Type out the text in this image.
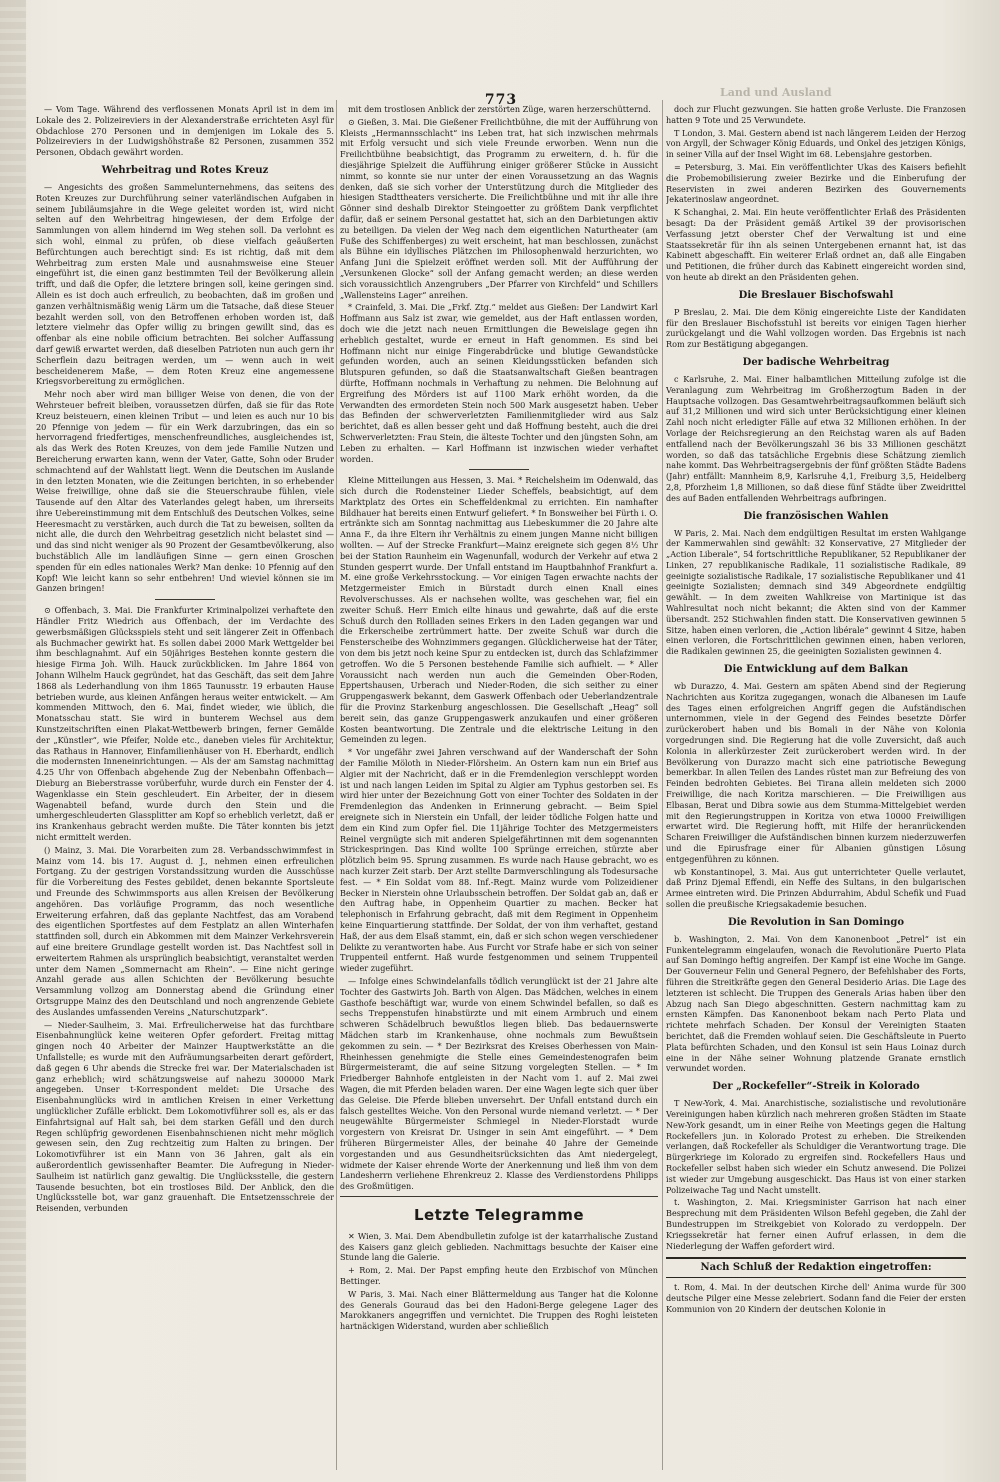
Land und Ausland
773

— Vom Tage. Während des verflossenen Monats April ist in dem im Lokale des 2. Polizeireviers in der Alexanderstraße errichteten Asyl für Obdachlose 270 Personen und in demjenigen im Lokale des 5. Polizeireviers in der Ludwigshöhstraße 82 Personen, zusammen 352 Personen, Obdach gewährt worden.

Wehrbeitrag und Rotes Kreuz

— Angesichts des großen Sammelunternehmens, das seitens des Roten Kreuzes zur Durchführung seiner vaterländischen Aufgaben in seinem Jubiläumsjahre in die Wege geleitet worden ist, wird nicht selten auf den Wehrbeitrag hingewiesen, der dem Erfolge der Sammlungen von allem hindernd im Weg stehen soll. Da verlohnt es sich wohl, einmal zu prüfen, ob diese vielfach geäußerten Befürchtungen auch berechtigt sind: Es ist richtig, daß mit dem Wehrbeitrag zum ersten Male und ausnahmsweise eine Steuer eingeführt ist, die einen ganz bestimmten Teil der Bevölkerung allein trifft, und daß die Opfer, die letztere bringen soll, keine geringen sind. Allein es ist doch auch erfreulich, zu beobachten, daß im großen und ganzen verhältnismäßig wenig Lärm um die Tatsache, daß diese Steuer bezahlt werden soll, von den Betroffenen erhoben worden ist, daß letztere vielmehr das Opfer willig zu bringen gewillt sind, das es offenbar als eine nobile officium betrachten. Bei solcher Auffassung darf gewiß erwartet werden, daß dieselben Patrioten nun auch gern ihr Scherflein dazu beitragen werden, um — wenn auch in weit bescheidenerem Maße, — dem Roten Kreuz eine angemessene Kriegsvorbereitung zu ermöglichen.

Mehr noch aber wird man billiger Weise von denen, die von der Wehrsteuer befreit bleiben, voraussetzen dürfen, daß sie für das Rote Kreuz beisteuern, einen kleinen Tribut — und leien es auch nur 10 bis 20 Pfennige von jedem — für ein Werk darzubringen, das ein so hervorragend friedfertiges, menschenfreundliches, ausgleichendes ist, als das Werk des Roten Kreuzes, von dem jede Familie Nutzen und Bereicherung erwarten kann, wenn der Vater, Gatte, Sohn oder Bruder schmachtend auf der Wahlstatt liegt. Wenn die Deutschen im Auslande in den letzten Monaten, wie die Zeitungen berichten, in so erhebender Weise freiwillige, ohne daß sie die Steuerschraube fühlen, viele Tausende auf den Altar des Vaterlandes gelegt haben, um ihrerseits ihre Uebereinstimmung mit dem Entschluß des Deutschen Volkes, seine Heeresmacht zu verstärken, auch durch die Tat zu beweisen, sollten da nicht alle, die durch den Wehrbeitrag gesetzlich nicht belastet sind — und das sind nicht weniger als 90 Prozent der Gesamtbevölkerung, also buchstäblich Alle im landläufigen Sinne — gern einen Groschen spenden für ein edles nationales Werk? Man denke: 10 Pfennig auf den Kopf! Wie leicht kann so sehr entbehren! Und wieviel können sie im Ganzen bringen!

⊙ Offenbach, 3. Mai. Die Frankfurter Kriminalpolizei verhaftete den Händler Fritz Wiedrich aus Offenbach, der im Verdachte des gewerbsmäßigen Glücksspiels steht und seit längerer Zeit in Offenbach als Buchmacher gewirkt hat. Es sollen dabei 2000 Mark Wettgelder bei ihm beschlagnahmt. Auf ein 50jähriges Bestehen konnte gestern die hiesige Firma Joh. Wilh. Hauck zurückblicken. Im Jahre 1864 von Johann Wilhelm Hauck gegründet, hat das Geschäft, das seit dem Jahre 1868 als Lederhandlung von ihm 1865 Taunusstr. 19 erbauten Hause betrieben wurde, aus kleinen Anfängen heraus weiter entwickelt. — Am kommenden Mittwoch, den 6. Mai, findet wieder, wie üblich, die Monatsschau statt. Sie wird in bunterem Wechsel aus dem Kunstzeitschriften einen Plakat-Wettbewerb bringen, ferner Gemälde der „Künstler“, wie Pfeifer, Nolde etc., daneben vieles für Architektur, das Rathaus in Hannover, Einfamilienhäuser von H. Eberhardt, endlich die modernsten Inneneinrichtungen. — Als der am Samstag nachmittag 4.25 Uhr von Offenbach abgehende Zug der Nebenbahn Offenbach—Dieburg an Bieberstrasse vorüberfuhr, wurde durch ein Fenster der 4. Wagenklasse ein Stein geschleudert. Ein Arbeiter, der in diesem Wagenabteil befand, wurde durch den Stein und die umhergeschleuderten Glassplitter am Kopf so erheblich verletzt, daß er ins Krankenhaus gebracht werden mußte. Die Täter konnten bis jetzt nicht ermittelt werden.

() Mainz, 3. Mai. Die Vorarbeiten zum 28. Verbandsschwimmfest in Mainz vom 14. bis 17. August d. J., nehmen einen erfreulichen Fortgang. Zu der gestrigen Vorstandssitzung wurden die Ausschüsse für die Vorbereitung des Festes gebildet, denen bekannte Sportsleute und Freunde des Schwimmsports aus allen Kreisen der Bevölkerung angehören. Das vorläufige Programm, das noch wesentliche Erweiterung erfahren, daß das geplante Nachtfest, das am Vorabend des eigentlichen Sportfestes auf dem Festplatz an allen Winterhafen stattfinden soll, durch ein Abkommen mit dem Mainzer Verkehrsverein auf eine breitere Grundlage gestellt worden ist. Das Nachtfest soll in erweitertem Rahmen als ursprünglich beabsichtigt, veranstaltet werden unter dem Namen „Sommernacht am Rhein“. — Eine nicht geringe Anzahl gerade aus allen Schichten der Bevölkerung besuchte Versammlung vollzog am Donnerstag abend die Gründung einer Ortsgruppe Mainz des den Deutschland und noch angrenzende Gebiete des Auslandes umfassenden Vereins „Naturschutzpark“.

— Nieder-Saulheim, 3. Mai. Erfreulicherweise hat das furchtbare Eisenbahnunglück keine weiteren Opfer gefordert. Freitag mittag gingen noch 40 Arbeiter der Mainzer Hauptwerkstätte an die Unfallstelle; es wurde mit den Aufräumungsarbeiten derart gefördert, daß gegen 6 Uhr abends die Strecke frei war. Der Materialschaden ist ganz erheblich; wird schätzungsweise auf nahezu 300000 Mark angegeben. Unser t-Korrespondent meldet: Die Ursache des Eisenbahnunglücks wird in amtlichen Kreisen in einer Verkettung unglücklicher Zufälle erblickt. Dem Lokomotivführer soll es, als er das Einfahrtsignal auf Halt sah, bei dem starken Gefäll und den durch Regen schlüpfrig gewordenen Eisenbahnschienen nicht mehr möglich gewesen sein, den Zug rechtzeitig zum Halten zu bringen. Der Lokomotivführer ist ein Mann von 36 Jahren, galt als ein außerordentlich gewissenhafter Beamter. Die Aufregung in Nieder-Saulheim ist natürlich ganz gewaltig. Die Unglücksstelle, die gestern Tausende besuchten, bot ein trostloses Bild. Der Anblick, den die Unglücksstelle bot, war ganz grauenhaft. Die Entsetzensschreie der Reisenden, verbunden

mit dem trostlosen Anblick der zerstörten Züge, waren herzerschütternd.

⊙ Gießen, 3. Mai. Die Gießener Freilichtbühne, die mit der Aufführung von Kleists „Hermannsschlacht“ ins Leben trat, hat sich inzwischen mehrmals mit Erfolg versucht und sich viele Freunde erworben. Wenn nun die Freilichtbühne beabsichtigt, das Programm zu erweitern, d. h. für die diesjährige Spielzeit die Aufführung einiger größerer Stücke in Aussicht nimmt, so konnte sie nur unter der einen Voraussetzung an das Wagnis denken, daß sie sich vorher der Unterstützung durch die Mitglieder des hiesigen Stadttheaters versicherte. Die Freilichtbühne und mit ihr alle ihre Gönner sind deshalb Direktor Steingoetter zu größtem Dank verpflichtet dafür, daß er seinem Personal gestattet hat, sich an den Darbietungen aktiv zu beteiligen. Da vielen der Weg nach dem eigentlichen Naturtheater (am Fuße des Schiffenberges) zu weit erscheint, hat man beschlossen, zunächst als Bühne ein idyllisches Plätzchen im Philosophenwald herzurichten, wo Anfang Juni die Spielzeit eröffnet werden soll. Mit der Aufführung der „Versunkenen Glocke“ soll der Anfang gemacht werden; an diese werden sich voraussichtlich Anzengrubers „Der Pfarrer von Kirchfeld“ und Schillers „Wallensteins Lager“ anreihen.

* Crainfeld, 3. Mai. Die „Frkf. Ztg.“ meldet aus Gießen: Der Landwirt Karl Hoffmann aus Salz ist zwar, wie gemeldet, aus der Haft entlassen worden, doch wie die jetzt nach neuen Ermittlungen die Beweislage gegen ihn erheblich gestaltet, wurde er erneut in Haft genommen. Es sind bei Hoffmann nicht nur einige Fingerabdrücke und blutige Gewandstücke gefunden worden, auch an seinen Kleidungsstücken befanden sich Blutspuren gefunden, so daß die Staatsanwaltschaft Gießen beantragen dürfte, Hoffmann nochmals in Verhaftung zu nehmen. Die Belohnung auf Ergreifung des Mörders ist auf 1100 Mark erhöht worden, da die Verwandten des ermordeten Stein noch 500 Mark ausgesetzt haben. Ueber das Befinden der schwerverletzten Familienmitglieder wird aus Salz berichtet, daß es allen besser geht und daß Hoffnung besteht, auch die drei Schwerverletzten: Frau Stein, die älteste Tochter und den jüngsten Sohn, am Leben zu erhalten. — Karl Hoffmann ist inzwischen wieder verhaftet worden.

Kleine Mitteilungen aus Hessen, 3. Mai. * Reichelsheim im Odenwald, das sich durch die Rodensteiner Lieder Scheffels, beabsichtigt, auf dem Marktplatz des Ortes ein Scheffeldenkmal zu errichten. Ein namhafter Bildhauer hat bereits einen Entwurf geliefert. * In Bonsweiher bei Fürth i. O. ertränkte sich am Sonntag nachmittag aus Liebeskummer die 20 Jahre alte Anna F., da ihre Eltern ihr Verhältnis zu einem jungen Manne nicht billigen wollten. — Auf der Strecke Frankfurt—Mainz ereignete sich gegen 8½ Uhr bei der Station Raunheim ein Wagenunfall, wodurch der Verkehr auf etwa 2 Stunden gesperrt wurde. Der Unfall entstand im Hauptbahnhof Frankfurt a. M. eine große Verkehrsstockung. — Vor einigen Tagen erwachte nachts der Metzgermeister Emich in Bürstadt durch einen Knall eines Revolverschusses. Als er nachsehen wollte, was geschehen war, fiel ein zweiter Schuß. Herr Emich eilte hinaus und gewahrte, daß auf die erste Schuß durch den Rollladen seines Erkers in den Laden gegangen war und die Erkerscheibe zertrümmert hatte. Der zweite Schuß war durch die Fensterscheibe des Wohnzimmers gegangen. Glücklicherweise hat der Täter, von dem bis jetzt noch keine Spur zu entdecken ist, durch das Schlafzimmer getroffen. Wo die 5 Personen bestehende Familie sich aufhielt. — * Aller Voraussicht nach werden nun auch die Gemeinden Ober-Roden, Eppertshausen, Urberach und Nieder-Roden, die sich seither zu einer Gruppengaswerk bekannt, dem Gaswerk Offenbach oder Ueberlandzentrale für die Provinz Starkenburg angeschlossen. Die Gesellschaft „Heag“ soll bereit sein, das ganze Gruppengaswerk anzukaufen und einer größeren Kosten beantwortung. Die Zentrale und die elektrische Leitung in den Gemeinden zu legen.

* Vor ungefähr zwei Jahren verschwand auf der Wanderschaft der Sohn der Familie Möloth in Nieder-Flörsheim. An Ostern kam nun ein Brief aus Algier mit der Nachricht, daß er in die Fremdenlegion verschleppt worden ist und nach langen Leiden im Spital zu Algier am Typhus gestorben sei. Es wird hier unter der Bezeichnung Gott von einer Tochter des Soldaten in der Fremdenlegion das Andenken in Erinnerung gebracht. — Beim Spiel ereignete sich in Nierstein ein Unfall, der leider tödliche Folgen hatte und dem ein Kind zum Opfer fiel. Die 11jährige Tochter des Metzgermeisters Reinel vergnügte sich mit anderen Spielgefährtinnen mit dem sogenannten Strickespringen. Das Kind wollte 100 Sprünge erreichen, stürzte aber plötzlich beim 95. Sprung zusammen. Es wurde nach Hause gebracht, wo es nach kurzer Zeit starb. Der Arzt stellte Darmverschlingung als Todesursache fest. — * Ein Soldat vom 88. Inf.-Regt. Mainz wurde vom Polizeidiener Becker in Nierstein ohne Urlaubsschein betroffen. Der Soldat gab an, daß er den Auftrag habe, in Oppenheim Quartier zu machen. Becker hat telephonisch in Erfahrung gebracht, daß mit dem Regiment in Oppenheim keine Einquartierung stattfinde. Der Soldat, der von ihm verhaftet, gestand Haß, der aus dem Elsaß stammt, ein, daß er sich schon wegen verschiedener Delikte zu verantworten habe. Aus Furcht vor Strafe habe er sich von seiner Truppenteil entfernt. Haß wurde festgenommen und seinem Truppenteil wieder zugeführt.

— Infolge eines Schwindelanfalls tödlich verunglückt ist der 21 Jahre alte Tochter des Gastwirts Joh. Barth von Algen. Das Mädchen, welches in einem Gasthofe beschäftigt war, wurde von einem Schwindel befallen, so daß es sechs Treppenstufen hinabstürzte und mit einem Armbruch und einem schweren Schädelbruch bewußtlos liegen blieb. Das bedauernswerte Mädchen starb im Krankenhause, ohne nochmals zum Bewußtsein gekommen zu sein. — * Der Bezirksrat des Kreises Oberhessen von Main-Rheinhessen genehmigte die Stelle eines Gemeindestenografen beim Bürgermeisteramt, die auf seine Sitzung vorgelegten Stellen. — * Im Friedberger Bahnhofe entgleisten in der Nacht vom 1. auf 2. Mai zwei Wagen, die mit Pferden beladen waren. Der eine Wagen legte sich quer über das Geleise. Die Pferde blieben unversehrt. Der Unfall entstand durch ein falsch gestelltes Weiche. Von den Personal wurde niemand verletzt. — * Der neugewählte Bürgermeister Schmiegel in Nieder-Florstadt wurde vorgestern von Kreisrat Dr. Usinger in sein Amt eingeführt. — * Dem früheren Bürgermeister Alles, der beinahe 40 Jahre der Gemeinde vorgestanden und aus Gesundheitsrücksichten das Amt niedergelegt, widmete der Kaiser ehrende Worte der Anerkennung und ließ ihm von dem Landesherrn verliehene Ehrenkreuz 2. Klasse des Verdienstordens Philipps des Großmütigen.

Letzte Telegramme

✕ Wien, 3. Mai. Dem Abendbulletin zufolge ist der katarrhalische Zustand des Kaisers ganz gleich geblieden. Nachmittags besuchte der Kaiser eine Stunde lang die Galerie.

+ Rom, 2. Mai. Der Papst empfing heute den Erzbischof von München Bettinger.

W Paris, 3. Mai. Nach einer Blättermeldung aus Tanger hat die Kolonne des Generals Gouraud das bei den Hadoni-Berge gelegene Lager des Marokkaners angegriffen und vernichtet. Die Truppen des Roghi leisteten hartnäckigen Widerstand, wurden aber schließlich

doch zur Flucht gezwungen. Sie hatten große Verluste. Die Franzosen hatten 9 Tote und 25 Verwundete.

T London, 3. Mai. Gestern abend ist nach längerem Leiden der Herzog von Argyll, der Schwager König Eduards, und Onkel des jetzigen Königs, in seiner Villa auf der Insel Wight im 68. Lebensjahre gestorben.

= Petersburg, 3. Mai. Ein veröffentlichter Ukas des Kaisers befiehlt die Probemobilisierung zweier Bezirke und die Einberufung der Reservisten in zwei anderen Bezirken des Gouvernements Jekaterinoslaw angeordnet.

K Schanghai, 2. Mai. Ein heute veröffentlichter Erlaß des Präsidenten besagt: Da der Präsident gemäß Artikel 39 der provisorischen Verfassung jetzt oberster Chef der Verwaltung ist und eine Staatssekretär für ihn als seinen Untergebenen ernannt hat, ist das Kabinett abgeschafft. Ein weiterer Erlaß ordnet an, daß alle Eingaben und Petitionen, die früher durch das Kabinett eingereicht worden sind, von heute ab direkt an den Präsidenten gehen.

Die Breslauer Bischofswahl

P Breslau, 2. Mai. Die dem König eingereichte Liste der Kandidaten für den Breslauer Bischofsstuhl ist bereits vor einigen Tagen hierher zurückgelangt und die Wahl vollzogen worden. Das Ergebnis ist nach Rom zur Bestätigung abgegangen.

Der badische Wehrbeitrag

c Karlsruhe, 2. Mai. Einer halbamtlichen Mitteilung zufolge ist die Veranlagung zum Wehrbeitrag im Großherzogtum Baden in der Hauptsache vollzogen. Das Gesamtwehrbeitragsaufkommen beläuft sich auf 31,2 Millionen und wird sich unter Berücksichtigung einer kleinen Zahl noch nicht erledigter Fälle auf etwa 32 Millionen erhöhen. In der Vorlage der Reichsregierung an den Reichstag waren als auf Baden entfallend nach der Bevölkerungszahl 36 bis 33 Millionen geschätzt worden, so daß das tatsächliche Ergebnis diese Schätzung ziemlich nahe kommt. Das Wehrbeitragsergebnis der fünf größten Städte Badens (Jahr) entfällt: Mannheim 8,9, Karlsruhe 4,1, Freiburg 3,5, Heidelberg 2,8, Pforzheim 1,8 Millionen, so daß diese fünf Städte über Zweidrittel des auf Baden entfallenden Wehrbeitrags aufbringen.

Die französischen Wahlen

W Paris, 2. Mai. Nach dem endgültigen Resultat im ersten Wahlgange der Kammerwahlen sind gewählt: 32 Konservative, 27 Mitglieder der „Action Liberale“, 54 fortschrittliche Republikaner, 52 Republikaner der Linken, 27 republikanische Radikale, 11 sozialistische Radikale, 89 geeinigte sozialistische Radikale, 17 sozialistische Republikaner und 41 geeinigte Sozialisten; demnach sind 349 Abgeordnete endgültig gewählt. — In dem zweiten Wahlkreise von Martinique ist das Wahlresultat noch nicht bekannt; die Akten sind von der Kammer übersandt. 252 Stichwahlen finden statt. Die Konservativen gewinnen 5 Sitze, haben einen verloren, die „Action libérale“ gewinnt 4 Sitze, haben einen verloren, die Fortschrittlichen gewinnen einen, haben verloren, die Radikalen gewinnen 25, die geeinigten Sozialisten gewinnen 4.

Die Entwicklung auf dem Balkan

wb Durazzo, 4. Mai. Gestern am späten Abend sind der Regierung Nachrichten aus Koritza zugegangen, wonach die Albanesen im Laufe des Tages einen erfolgreichen Angriff gegen die Aufständischen unternommen, viele in der Gegend des Feindes besetzte Dörfer zurückerobert haben und bis Bomali in der Nähe von Kolonia vorgedrungen sind. Die Regierung hat die volle Zuversicht, daß auch Kolonia in allerkürzester Zeit zurückerobert werden wird. In der Bevölkerung von Durazzo macht sich eine patriotische Bewegung bemerkbar. In allen Teilen des Landes rüstet man zur Befreiung des von Feinden bedrohten Gebietes. Bei Tirana allein meldeten sich 2000 Freiwillige, die nach Koritza marschieren. — Die Freiwilligen aus Elbasan, Berat und Dibra sowie aus dem Stumma-Mittelgebiet werden mit den Regierungstruppen in Koritza von etwa 10000 Freiwilligen erwartet wird. Die Regierung hofft, mit Hilfe der heranrückenden Scharen Freiwilliger die Aufständischen binnen kurzem niederzuwerfen und die Epirusfrage einer für Albanien günstigen Lösung entgegenführen zu können.

wb Konstantinopel, 3. Mai. Aus gut unterrichteter Quelle verlautet, daß Prinz Djemal Effendi, ein Neffe des Sultans, in den bulgarischen Armee eintreten wird. Die Prinzen Abdurrahim, Abdul Schefik und Fuad sollen die preußische Kriegsakademie besuchen.

Die Revolution in San Domingo

b. Washington, 2. Mai. Von dem Kanonenboot „Petrel“ ist ein Funkentelegramm eingelaufen, wonach die Revolutionäre Puerto Plata auf San Domingo heftig angreifen. Der Kampf ist eine Woche im Gange. Der Gouverneur Felin und General Pegnero, der Befehlshaber des Forts, führen die Streitkräfte gegen den General Desiderio Arias. Die Lage des letzteren ist schlecht. Die Truppen des Generals Arias haben über den Abzug nach San Diego abgeschnitten. Gestern nachmittag kam zu ernsten Kämpfen. Das Kanonenboot bekam nach Perto Plata und richtete mehrfach Schaden. Der Konsul der Vereinigten Staaten berichtet, daß die Fremden wohlauf seien. Die Geschäftsleute in Puerto Plata befürchten Schaden, und den Konsul ist sein Haus Loinaz durch eine in der Nähe seiner Wohnung platzende Granate ernstlich verwundet worden.

Der „Rockefeller“-Streik in Kolorado

T New-York, 4. Mai. Anarchistische, sozialistische und revolutionäre Vereinigungen haben kürzlich nach mehreren großen Städten im Staate New-York gesandt, um in einer Reihe von Meetings gegen die Haltung Rockefellers jun. in Kolorado Protest zu erheben. Die Streikenden verlangen, daß Rockefeller als Schuldiger die Verantwortung trage. Die Bürgerkriege im Kolorado zu ergreifen sind. Rockefellers Haus und Rockefeller selbst haben sich wieder ein Schutz anwesend. Die Polizei ist wieder zur Umgebung ausgeschickt. Das Haus ist von einer starken Polizeiwache Tag und Nacht umstellt.

t. Washington, 2. Mai. Kriegsminister Garrison hat nach einer Besprechung mit dem Präsidenten Wilson Befehl gegeben, die Zahl der Bundestruppen im Streikgebiet von Kolorado zu verdoppeln. Der Kriegssekretär hat ferner einen Aufruf erlassen, in dem die Niederlegung der Waffen gefordert wird.

Nach Schluß der Redaktion eingetroffen:

t. Rom, 4. Mai. In der deutschen Kirche dell' Anima wurde für 300 deutsche Pilger eine Messe zelebriert. Sodann fand die Feier der ersten Kommunion von 20 Kindern der deutschen Kolonie in
